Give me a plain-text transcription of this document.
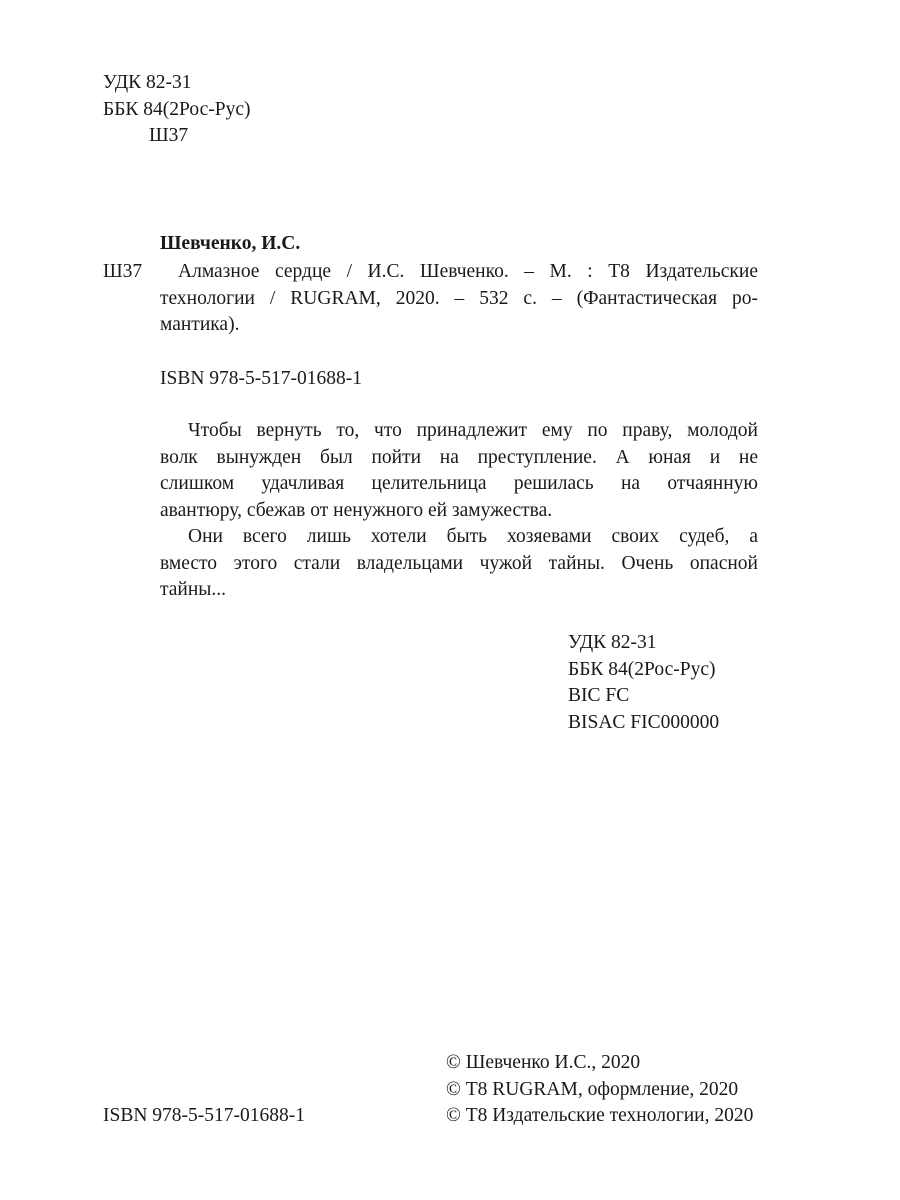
УДК 82-31
ББК 84(2Рос-Рус)
Ш37
Шевченко, И.С.
Ш37	Алмазное сердце / И.С. Шевченко. – М. : Т8 Издательские
технологии / RUGRAM, 2020. – 532 с. – (Фантастическая ро-
мантика).
ISBN 978-5-517-01688-1
Чтобы вернуть то, что принадлежит ему по праву, молодой
волк вынужден был пойти на преступление. А юная и не
слишком удачливая целительница решилась на отчаянную
авантюру, сбежав от ненужного ей замужества.
Они всего лишь хотели быть хозяевами своих судеб, а
вместо этого стали владельцами чужой тайны. Очень опасной
тайны...
УДК 82-31
ББК 84(2Рос-Рус)
BIC FC
BISAC FIC000000
ISBN 978-5-517-01688-1
© Шевченко И.С., 2020
© Т8 RUGRAM, оформление, 2020
© Т8 Издательские технологии, 2020
